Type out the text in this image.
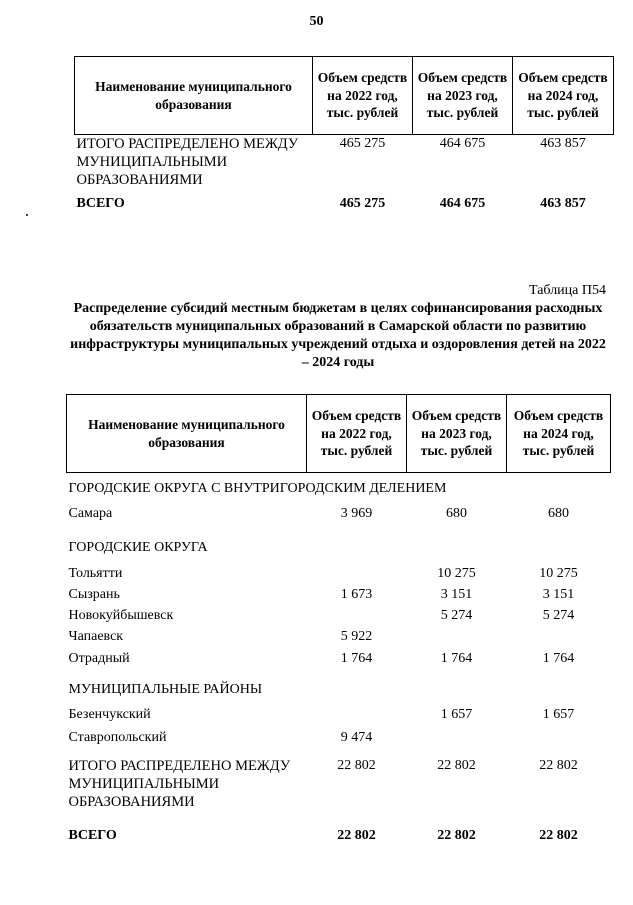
50
Наименование муниципального образования	Объем средств на 2022 год, тыс. рублей	Объем средств на 2023 год, тыс. рублей	Объем средств на 2024 год, тыс. рублей
ИТОГО РАСПРЕДЕЛЕНО МЕЖДУ МУНИЦИПАЛЬНЫМИ ОБРАЗОВАНИЯМИ	465 275	464 675	463 857
ВСЕГО	465 275	464 675	463 857
Таблица П54
Распределение субсидий местным бюджетам в целях софинансирования расходных обязательств муниципальных образований в Самарской области по развитию инфраструктуры муниципальных учреждений отдыха и оздоровления детей на 2022 – 2024 годы
Наименование муниципального образования	Объем средств на 2022 год, тыс. рублей	Объем средств на 2023 год, тыс. рублей	Объем средств на 2024 год, тыс. рублей
ГОРОДСКИЕ ОКРУГА С ВНУТРИГОРОДСКИМ ДЕЛЕНИЕМ			
Самара	3 969	680	680
ГОРОДСКИЕ ОКРУГА			
Тольятти		10 275	10 275
Сызрань	1 673	3 151	3 151
Новокуйбышевск		5 274	5 274
Чапаевск	5 922		
Отрадный	1 764	1 764	1 764
МУНИЦИПАЛЬНЫЕ РАЙОНЫ			
Безенчукский		1 657	1 657
Ставропольский	9 474		
ИТОГО РАСПРЕДЕЛЕНО МЕЖДУ МУНИЦИПАЛЬНЫМИ ОБРАЗОВАНИЯМИ	22 802	22 802	22 802
ВСЕГО	22 802	22 802	22 802
